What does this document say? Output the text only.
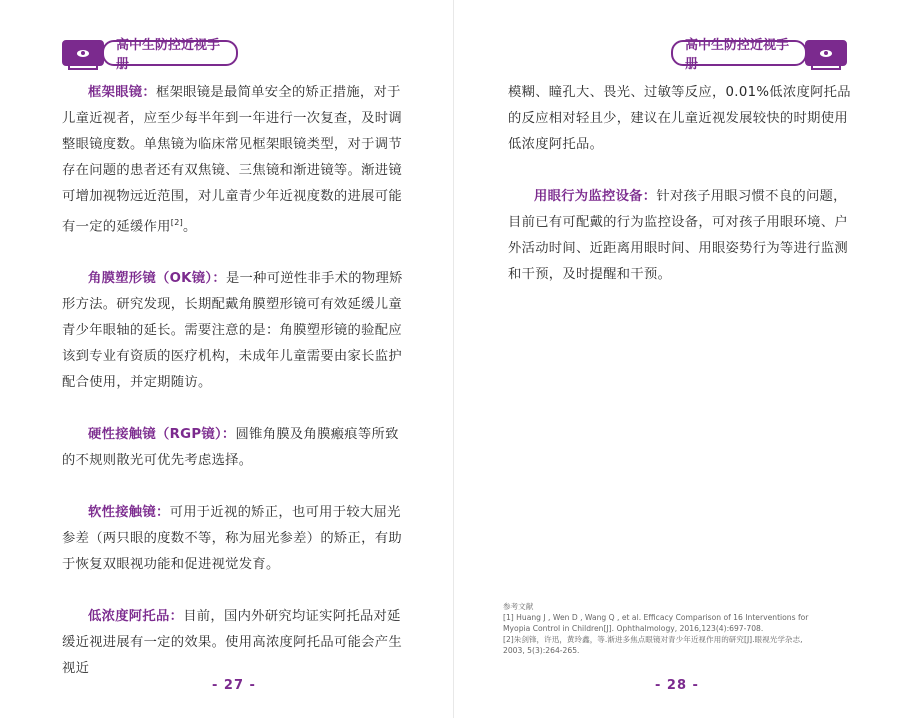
高中生防控近视手册

框架眼镜：框架眼镜是最简单安全的矫正措施，对于儿童近视者，应至少每半年到一年进行一次复查，及时调整眼镜度数。单焦镜为临床常见框架眼镜类型，对于调节存在问题的患者还有双焦镜、三焦镜和渐进镜等。渐进镜可增加视物远近范围，对儿童青少年近视度数的进展可能有一定的延缓作用[2]。

角膜塑形镜（OK镜）：是一种可逆性非手术的物理矫形方法。研究发现，长期配戴角膜塑形镜可有效延缓儿童青少年眼轴的延长。需要注意的是：角膜塑形镜的验配应该到专业有资质的医疗机构，未成年儿童需要由家长监护配合使用，并定期随访。

硬性接触镜（RGP镜）：圆锥角膜及角膜瘢痕等所致的不规则散光可优先考虑选择。

软性接触镜：可用于近视的矫正，也可用于较大屈光参差（两只眼的度数不等，称为屈光参差）的矫正，有助于恢复双眼视功能和促进视觉发育。

低浓度阿托品：目前，国内外研究均证实阿托品对延缓近视进展有一定的效果。使用高浓度阿托品可能会产生视近

- 27 -
高中生防控近视手册

模糊、瞳孔大、畏光、过敏等反应，0.01%低浓度阿托品的反应相对轻且少，建议在儿童近视发展较快的时期使用低浓度阿托品。

用眼行为监控设备：针对孩子用眼习惯不良的问题，目前已有可配戴的行为监控设备，可对孩子用眼环境、户外活动时间、近距离用眼时间、用眼姿势行为等进行监测和干预，及时提醒和干预。

参考文献
[1] Huang J , Wen D , Wang Q , et al. Efficacy Comparison of 16 Interventions for
Myopia Control in Children[J]. Ophthalmology, 2016,123(4):697-708.
[2]朱剑锋，许迅，黄玲鑫，等.渐进多焦点眼镜对青少年近视作用的研究[J].眼视光学杂志,
2003, 5(3):264-265.
- 28 -
